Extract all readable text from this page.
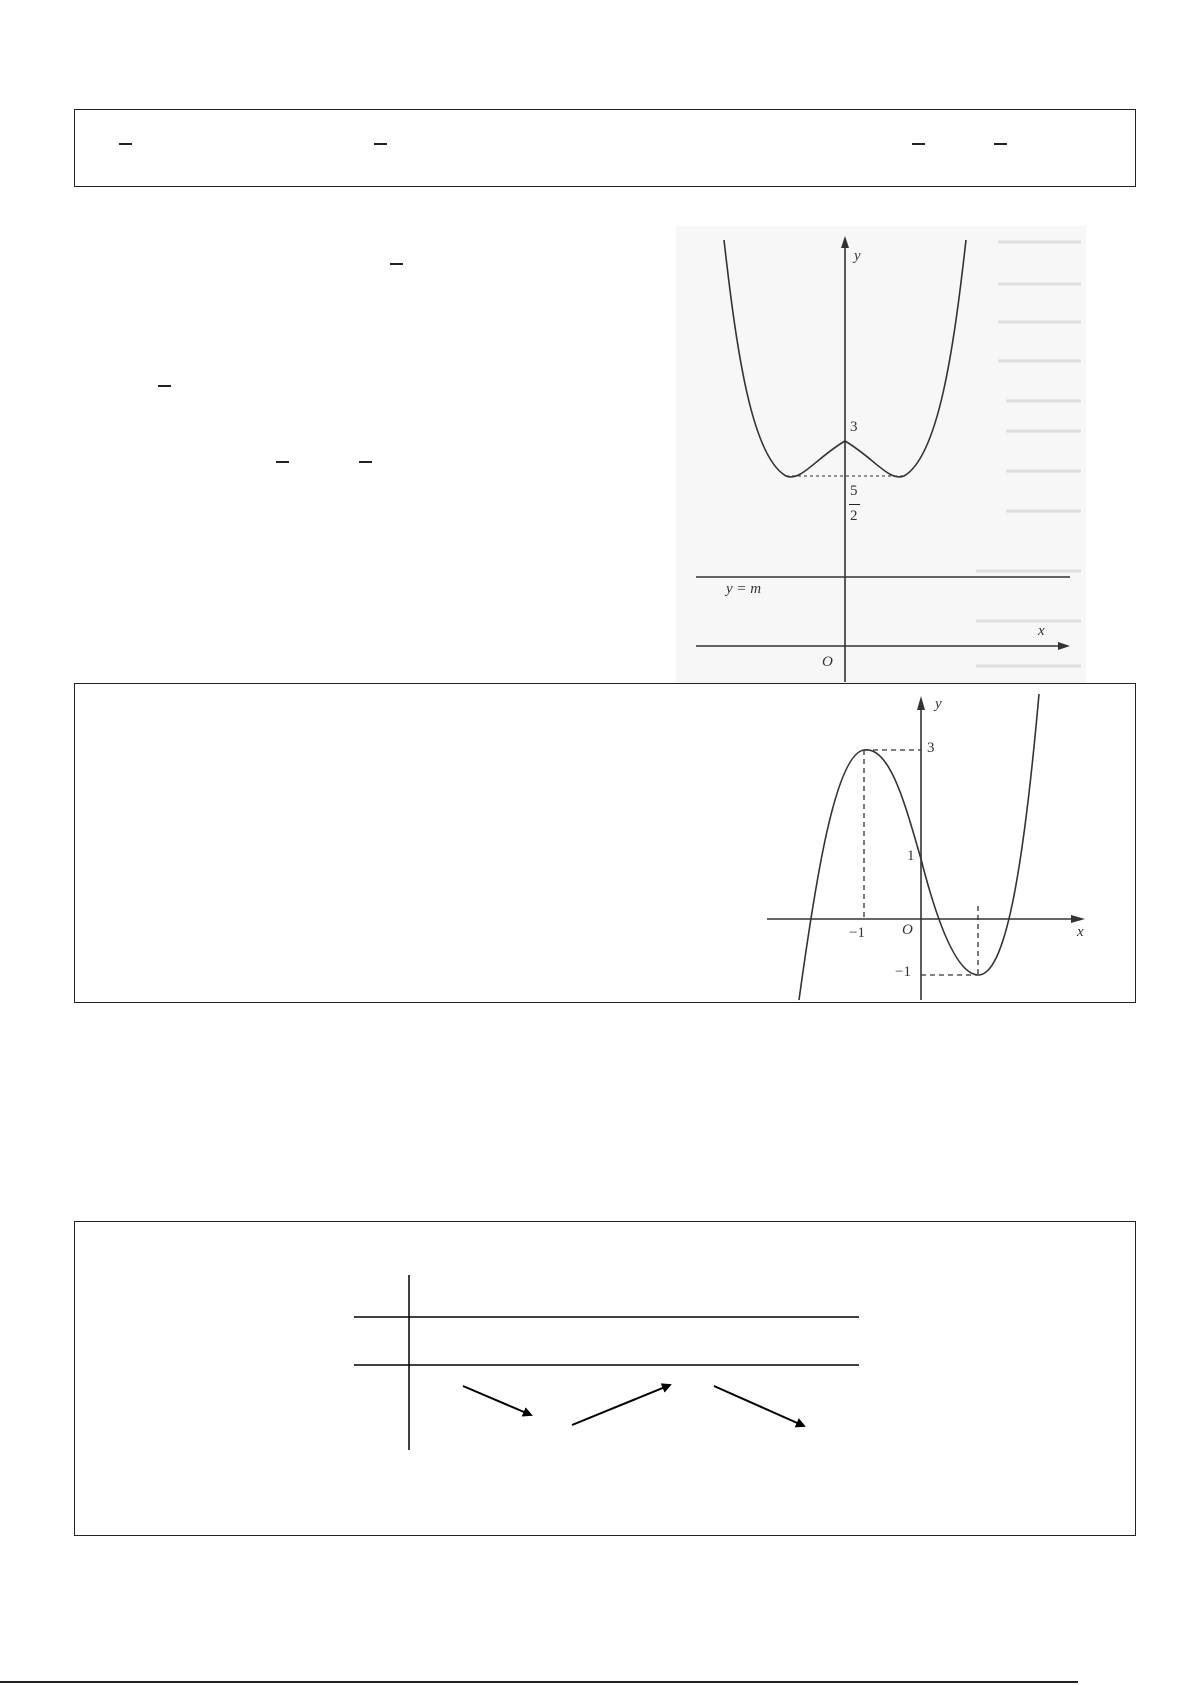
y
3
5
2
y = m
x
O
y
3
1
−1 O	x
−1
